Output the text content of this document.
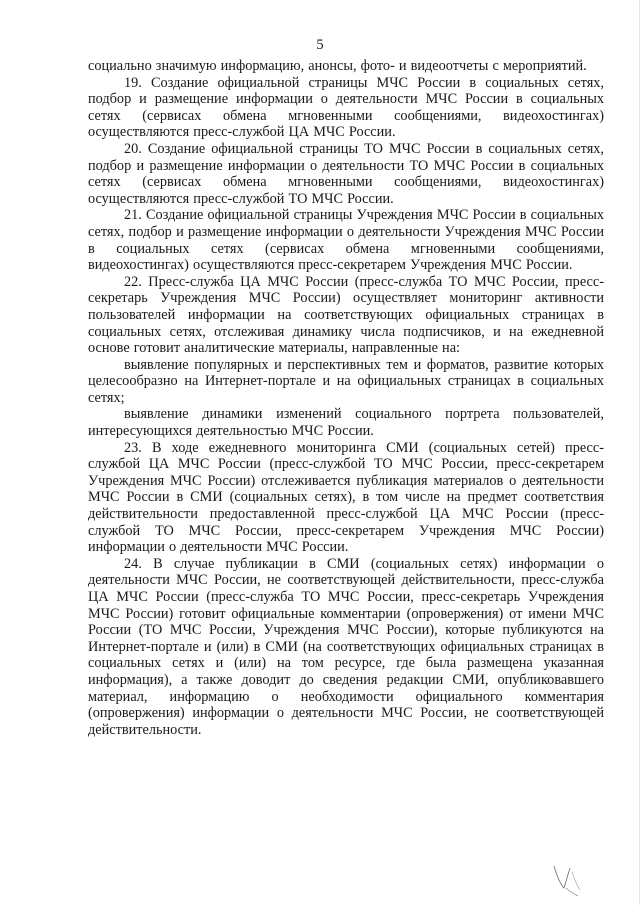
5

социально значимую информацию, анонсы, фото- и видеоотчеты с мероприятий.

19. Создание официальной страницы МЧС России в социальных сетях, подбор и размещение информации о деятельности МЧС России в социальных сетях (сервисах обмена мгновенными сообщениями, видеохостингах) осуществляются пресс-службой ЦА МЧС России.

20. Создание официальной страницы ТО МЧС России в социальных сетях, подбор и размещение информации о деятельности ТО МЧС России в социальных сетях (сервисах обмена мгновенными сообщениями, видеохостингах) осуществляются пресс-службой ТО МЧС России.

21. Создание официальной страницы Учреждения МЧС России в социальных сетях, подбор и размещение информации о деятельности Учреждения МЧС России в социальных сетях (сервисах обмена мгновенными сообщениями, видеохостингах) осуществляются пресс-секретарем Учреждения МЧС России.

22. Пресс-служба ЦА МЧС России (пресс-служба ТО МЧС России, пресс-секретарь Учреждения МЧС России) осуществляет мониторинг активности пользователей информации на соответствующих официальных страницах в социальных сетях, отслеживая динамику числа подписчиков, и на ежедневной основе готовит аналитические материалы, направленные на:

выявление популярных и перспективных тем и форматов, развитие которых целесообразно на Интернет-портале и на официальных страницах в социальных сетях;

выявление динамики изменений социального портрета пользователей, интересующихся деятельностью МЧС России.

23. В ходе ежедневного мониторинга СМИ (социальных сетей) пресс-службой ЦА МЧС России (пресс-службой ТО МЧС России, пресс-секретарем Учреждения МЧС России) отслеживается публикация материалов о деятельности МЧС России в СМИ (социальных сетях), в том числе на предмет соответствия действительности предоставленной пресс-службой ЦА МЧС России (пресс-службой ТО МЧС России, пресс-секретарем Учреждения МЧС России) информации о деятельности МЧС России.

24. В случае публикации в СМИ (социальных сетях) информации о деятельности МЧС России, не соответствующей действительности, пресс-служба ЦА МЧС России (пресс-служба ТО МЧС России, пресс-секретарь Учреждения МЧС России) готовит официальные комментарии (опровержения) от имени МЧС России (ТО МЧС России, Учреждения МЧС России), которые публикуются на Интернет-портале и (или) в СМИ (на соответствующих официальных страницах в социальных сетях и (или) на том ресурсе, где была размещена указанная информация), а также доводит до сведения редакции СМИ, опубликовавшего материал, информацию о необходимости официального комментария (опровержения) информации о деятельности МЧС России, не соответствующей действительности.
